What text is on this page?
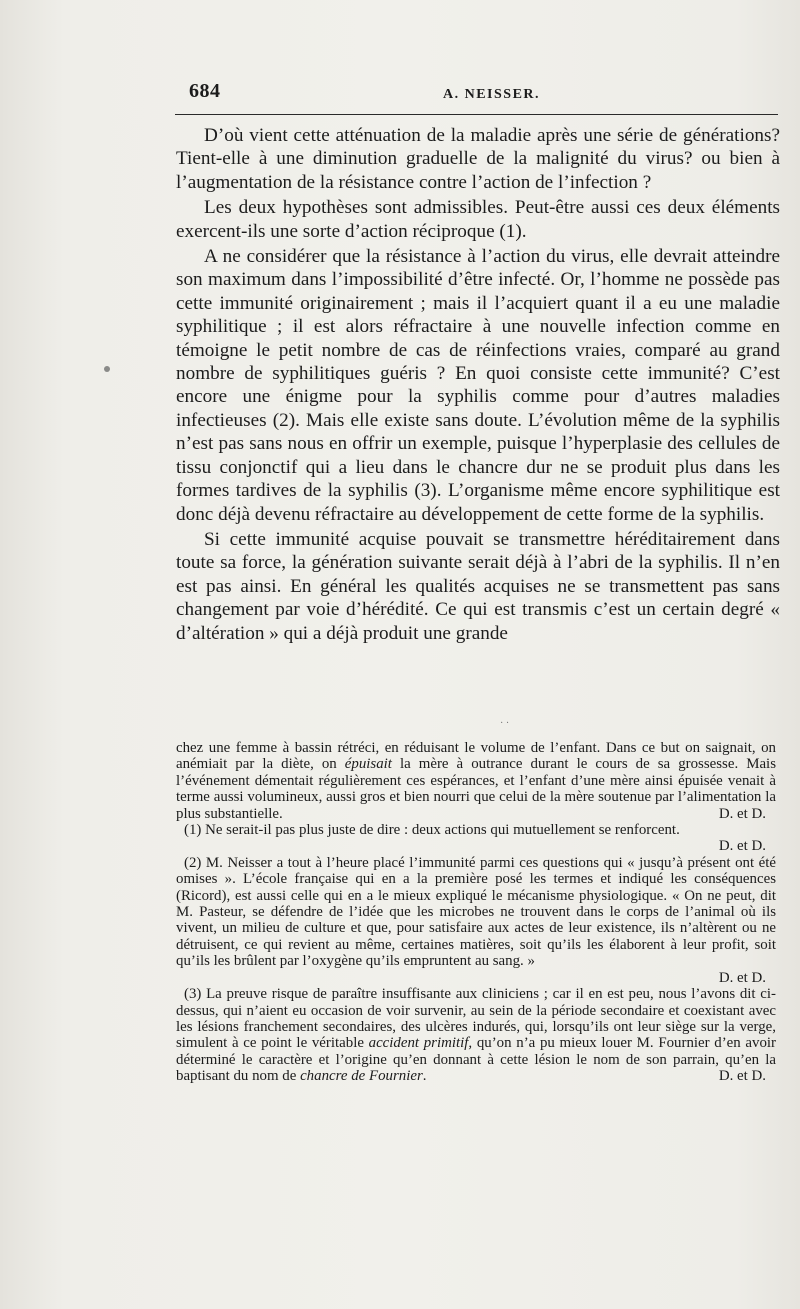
684	A. NEISSER.

D’où vient cette atténuation de la maladie après une série de générations? Tient-elle à une diminution graduelle de la malignité du virus? ou bien à l’augmentation de la résistance contre l’action de l’infection ?

Les deux hypothèses sont admissibles. Peut-être aussi ces deux éléments exercent-ils une sorte d’action réciproque (1).

A ne considérer que la résistance à l’action du virus, elle devrait atteindre son maximum dans l’impossibilité d’être infecté. Or, l’homme ne possède pas cette immunité originairement ; mais il l’acquiert quant il a eu une maladie syphilitique ; il est alors réfractaire à une nouvelle infection comme en témoigne le petit nombre de cas de réinfections vraies, comparé au grand nombre de syphilitiques guéris ? En quoi consiste cette immunité? C’est encore une énigme pour la syphilis comme pour d’autres maladies infectieuses (2). Mais elle existe sans doute. L’évolution même de la syphilis n’est pas sans nous en offrir un exemple, puisque l’hyperplasie des cellules de tissu conjonctif qui a lieu dans le chancre dur ne se produit plus dans les formes tardives de la syphilis (3). L’organisme même encore syphilitique est donc déjà devenu réfractaire au développement de cette forme de la syphilis.

Si cette immunité acquise pouvait se transmettre héréditairement dans toute sa force, la génération suivante serait déjà à l’abri de la syphilis. Il n’en est pas ainsi. En général les qualités acquises ne se transmettent pas sans changement par voie d’hérédité. Ce qui est transmis c’est un certain degré « d’altération » qui a déjà produit une grande

· ·

chez une femme à bassin rétréci, en réduisant le volume de l’enfant. Dans ce but on saignait, on anémiait par la diète, on épuisait la mère à outrance durant le cours de sa grossesse. Mais l’événement démentait régulièrement ces espérances, et l’enfant d’une mère ainsi épuisée venait à terme aussi volumineux, aussi gros et bien nourri que celui de la mère soutenue par l’alimentation la plus substantielle.	D. et D.

(1) Ne serait-il pas plus juste de dire : deux actions qui mutuellement se renforcent.

D. et D.

(2) M. Neisser a tout à l’heure placé l’immunité parmi ces questions qui « jusqu’à présent ont été omises ». L’école française qui en a la première posé les termes et indiqué les conséquences (Ricord), est aussi celle qui en a le mieux expliqué le mécanisme physiologique. « On ne peut, dit M. Pasteur, se défendre de l’idée que les microbes ne trouvent dans le corps de l’animal où ils vivent, un milieu de culture et que, pour satisfaire aux actes de leur existence, ils n’altèrent ou ne détruisent, ce qui revient au même, certaines matières, soit qu’ils les élaborent à leur profit, soit qu’ils les brûlent par l’oxygène qu’ils empruntent au sang. »

D. et D.

(3) La preuve risque de paraître insuffisante aux cliniciens ; car il en est peu, nous l’avons dit ci-dessus, qui n’aient eu occasion de voir survenir, au sein de la période secondaire et coexistant avec les lésions franchement secondaires, des ulcères indurés, qui, lorsqu’ils ont leur siège sur la verge, simulent à ce point le véritable accident primitif, qu’on n’a pu mieux louer M. Fournier d’en avoir déterminé le caractère et l’origine qu’en donnant à cette lésion le nom de son parrain, qu’en la baptisant du nom de chancre de Fournier.	D. et D.
